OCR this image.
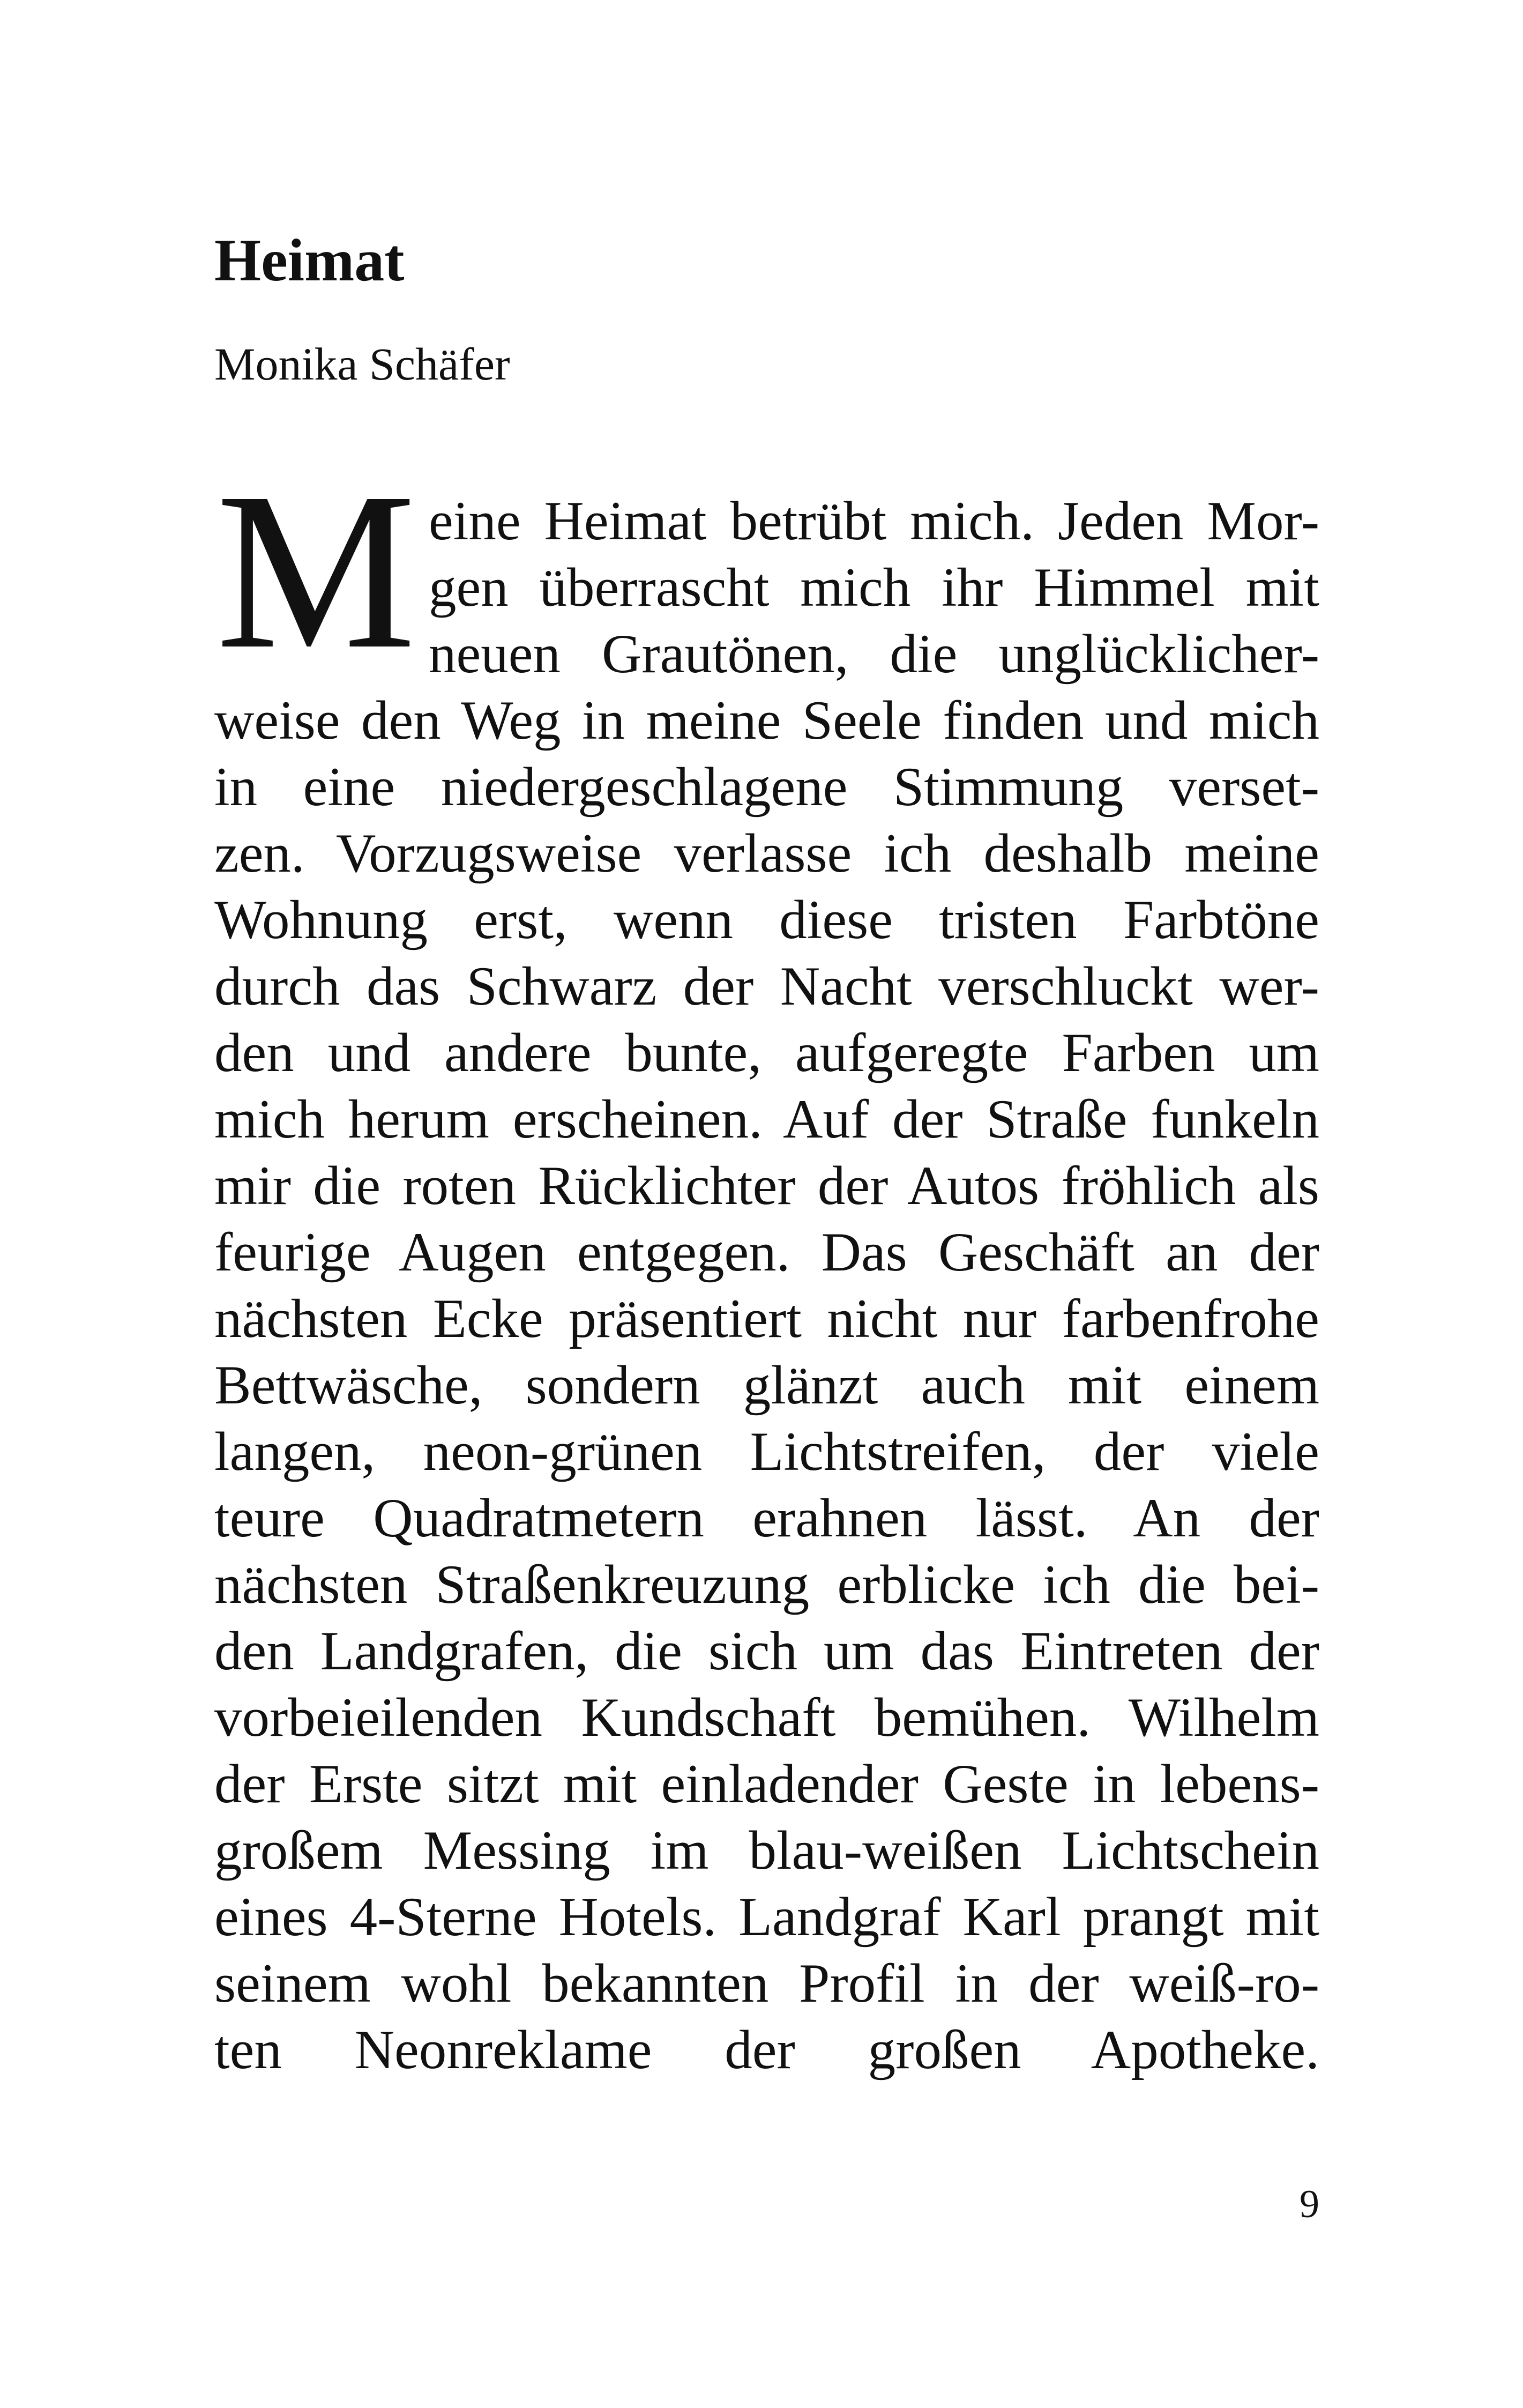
Heimat
Monika Schäfer
M eine Heimat betrübt mich. Jeden Mor-
gen überrascht mich ihr Himmel mit
neuen Grautönen, die unglücklicher-
weise den Weg in meine Seele finden und mich
in eine niedergeschlagene Stimmung verset-
zen. Vorzugsweise verlasse ich deshalb meine
Wohnung erst, wenn diese tristen Farbtöne
durch das Schwarz der Nacht verschluckt wer-
den und andere bunte, aufgeregte Farben um
mich herum erscheinen. Auf der Straße funkeln
mir die roten Rücklichter der Autos fröhlich als
feurige Augen entgegen. Das Geschäft an der
nächsten Ecke präsentiert nicht nur farbenfrohe
Bettwäsche, sondern glänzt auch mit einem
langen, neon-grünen Lichtstreifen, der viele
teure Quadratmetern erahnen lässt. An der
nächsten Straßenkreuzung erblicke ich die bei-
den Landgrafen, die sich um das Eintreten der
vorbeieilenden Kundschaft bemühen. Wilhelm
der Erste sitzt mit einladender Geste in lebens-
großem Messing im blau-weißen Lichtschein
eines 4-Sterne Hotels. Landgraf Karl prangt mit
seinem wohl bekannten Profil in der weiß-ro-
ten Neonreklame der großen Apotheke.
9
